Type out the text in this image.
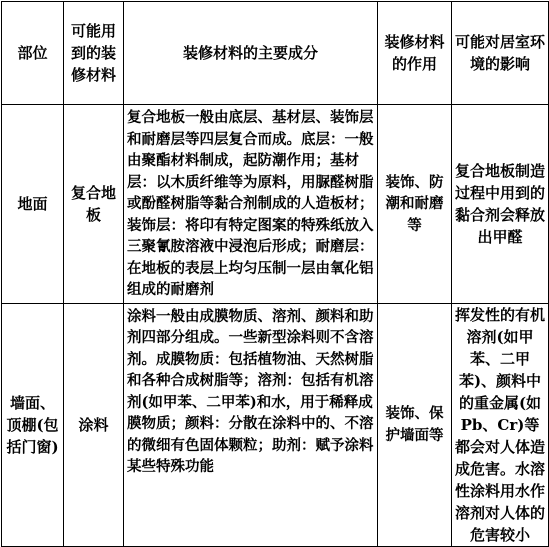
部位	可能用到的装修材料	装修材料的主要成分	装修材料的作用	可能对居室环境的影响
地面	复合地板	复合地板一般由底层、基材层、装饰层和耐磨层等四层复合而成。底层：一般由聚酯材料制成，起防潮作用；基材层：以木质纤维等为原料，用脲醛树脂或酚醛树脂等黏合剂制成的人造板材；装饰层：将印有特定图案的特殊纸放入三聚氰胺溶液中浸泡后形成；耐磨层：在地板的表层上均匀压制一层由氧化铝组成的耐磨剂	装饰、防潮和耐磨等	复合地板制造过程中用到的黏合剂会释放出甲醛
墙面、顶棚(包括门窗)	涂料	涂料一般由成膜物质、溶剂、颜料和助剂四部分组成。一些新型涂料则不含溶剂。成膜物质：包括植物油、天然树脂和各种合成树脂等；溶剂：包括有机溶剂(如甲苯、二甲苯)和水，用于稀释成膜物质；颜料：分散在涂料中的、不溶的微细有色固体颗粒；助剂：赋予涂料某些特殊功能	装饰、保护墙面等	挥发性的有机溶剂(如甲苯、二甲苯)、颜料中的重金属(如Pb、Cr)等都会对人体造成危害。水溶性涂料用水作溶剂对人体的危害较小
